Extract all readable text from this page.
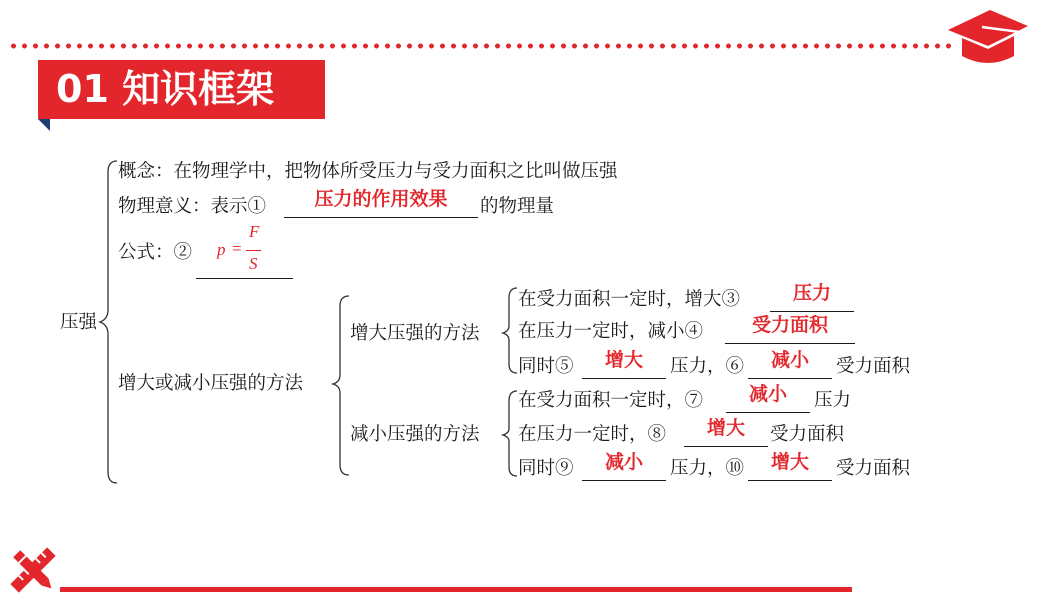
01 知识框架
压强
概念：在物理学中，把物体所受压力与受力面积之比叫做压强
物理意义：表示①	压力的作用效果	的物理量
公式：② p =
F
S
增大或减小压强的方法
增大压强的方法
在受力面积一定时，增大③	压力
在压力一定时，减小④	受力面积
同时⑤	增大	压力，⑥	减小	受力面积
减小压强的方法
在受力面积一定时，⑦	减小	压力
在压力一定时，⑧	增大	受力面积
同时⑨	减小	压力，⑩	增大	受力面积
